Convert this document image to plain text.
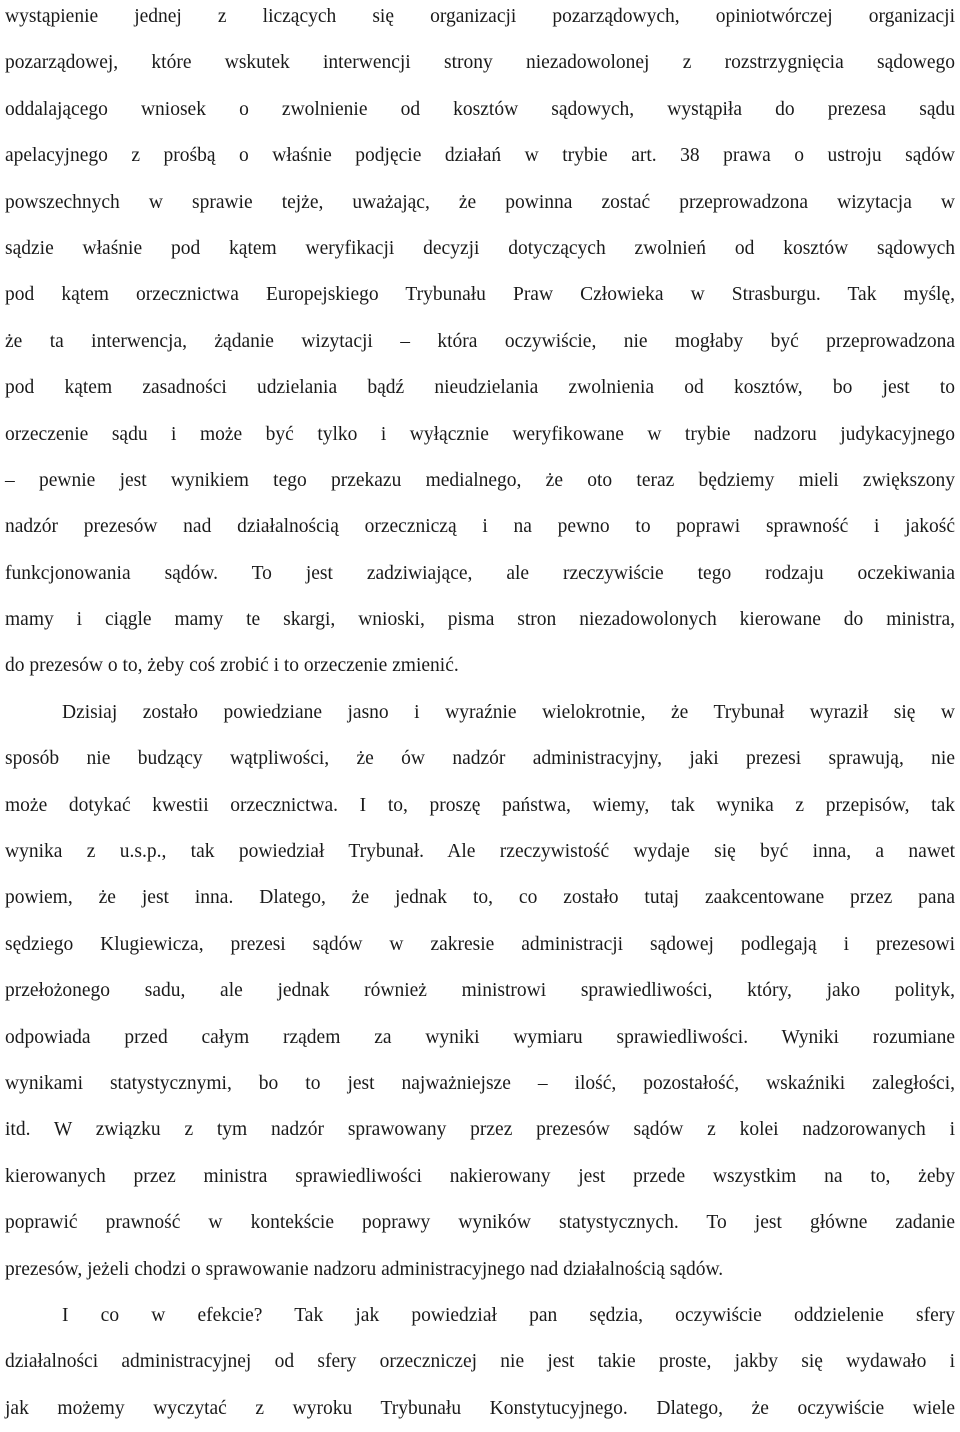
wystąpienie jednej z liczących się organizacji pozarządowych, opiniotwórczej organizacji
pozarządowej, które wskutek interwencji strony niezadowolonej z rozstrzygnięcia sądowego
oddalającego wniosek o zwolnienie od kosztów sądowych, wystąpiła do prezesa sądu
apelacyjnego z prośbą o właśnie podjęcie działań w trybie art. 38 prawa o ustroju sądów
powszechnych w sprawie tejże, uważając, że powinna zostać przeprowadzona wizytacja w
sądzie właśnie pod kątem weryfikacji decyzji dotyczących zwolnień od kosztów sądowych
pod kątem orzecznictwa Europejskiego Trybunału Praw Człowieka w Strasburgu. Tak myślę,
że ta interwencja, żądanie wizytacji – która oczywiście, nie mogłaby być przeprowadzona
pod kątem zasadności udzielania bądź nieudzielania zwolnienia od kosztów, bo jest to
orzeczenie sądu i może być tylko i wyłącznie weryfikowane w trybie nadzoru judykacyjnego
– pewnie jest wynikiem tego przekazu medialnego, że oto teraz będziemy mieli zwiększony
nadzór prezesów nad działalnością orzeczniczą i na pewno to poprawi sprawność i jakość
funkcjonowania sądów. To jest zadziwiające, ale rzeczywiście tego rodzaju oczekiwania
mamy i ciągle mamy te skargi, wnioski, pisma stron niezadowolonych kierowane do ministra,
do prezesów o to, żeby coś zrobić i to orzeczenie zmienić.
Dzisiaj zostało powiedziane jasno i wyraźnie wielokrotnie, że Trybunał wyraził się w
sposób nie budzący wątpliwości, że ów nadzór administracyjny, jaki prezesi sprawują, nie
może dotykać kwestii orzecznictwa. I to, proszę państwa, wiemy, tak wynika z przepisów, tak
wynika z u.s.p., tak powiedział Trybunał. Ale rzeczywistość wydaje się być inna, a nawet
powiem, że jest inna. Dlatego, że jednak to, co zostało tutaj zaakcentowane przez pana
sędziego Klugiewicza, prezesi sądów w zakresie administracji sądowej podlegają i prezesowi
przełożonego sadu, ale jednak również ministrowi sprawiedliwości, który, jako polityk,
odpowiada przed całym rządem za wyniki wymiaru sprawiedliwości. Wyniki rozumiane
wynikami statystycznymi, bo to jest najważniejsze – ilość, pozostałość, wskaźniki zaległości,
itd. W związku z tym nadzór sprawowany przez prezesów sądów z kolei nadzorowanych i
kierowanych przez ministra sprawiedliwości nakierowany jest przede wszystkim na to, żeby
poprawić prawność w kontekście poprawy wyników statystycznych. To jest główne zadanie
prezesów, jeżeli chodzi o sprawowanie nadzoru administracyjnego nad działalnością sądów.
I co w efekcie? Tak jak powiedział pan sędzia, oczywiście oddzielenie sfery
działalności administracyjnej od sfery orzeczniczej nie jest takie proste, jakby się wydawało i
jak możemy wyczytać z wyroku Trybunału Konstytucyjnego. Dlatego, że oczywiście wiele
